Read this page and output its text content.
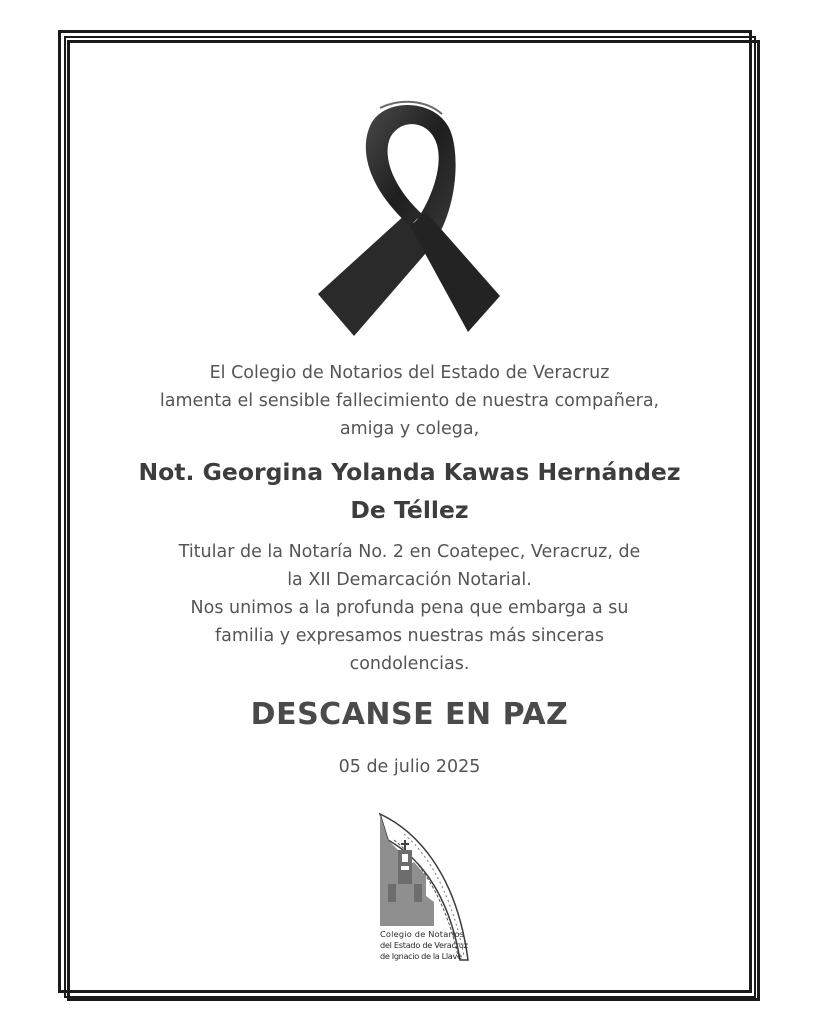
El Colegio de Notarios del Estado de Veracruz

lamenta el sensible fallecimiento de nuestra compañera,

amiga y colega,

Not. Georgina Yolanda Kawas Hernández

De Téllez

Titular de la Notaría No. 2 en Coatepec, Veracruz, de

la XII Demarcación Notarial.

Nos unimos a la profunda pena que embarga a su

familia y expresamos nuestras más sinceras

condolencias.

DESCANSE EN PAZ
05 de julio 2025
Colegio de Notarios
del Estado de Veracruz
de Ignacio de la Llave
